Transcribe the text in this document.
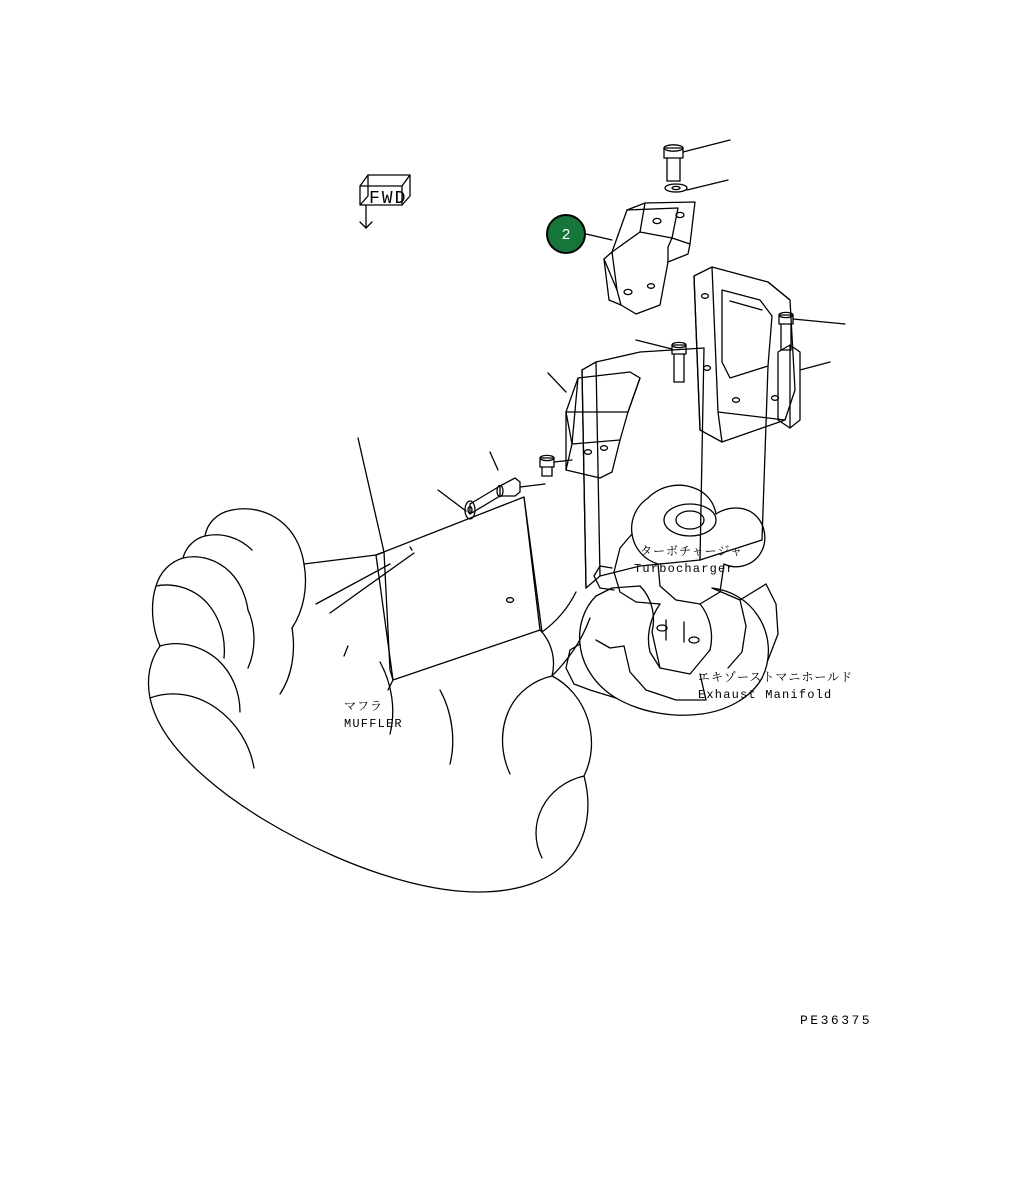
FWD
2
ターボチャージャ
Turbocharger
エキゾーストマニホールド
Exhaust Manifold
マフラ
MUFFLER
PE36375
